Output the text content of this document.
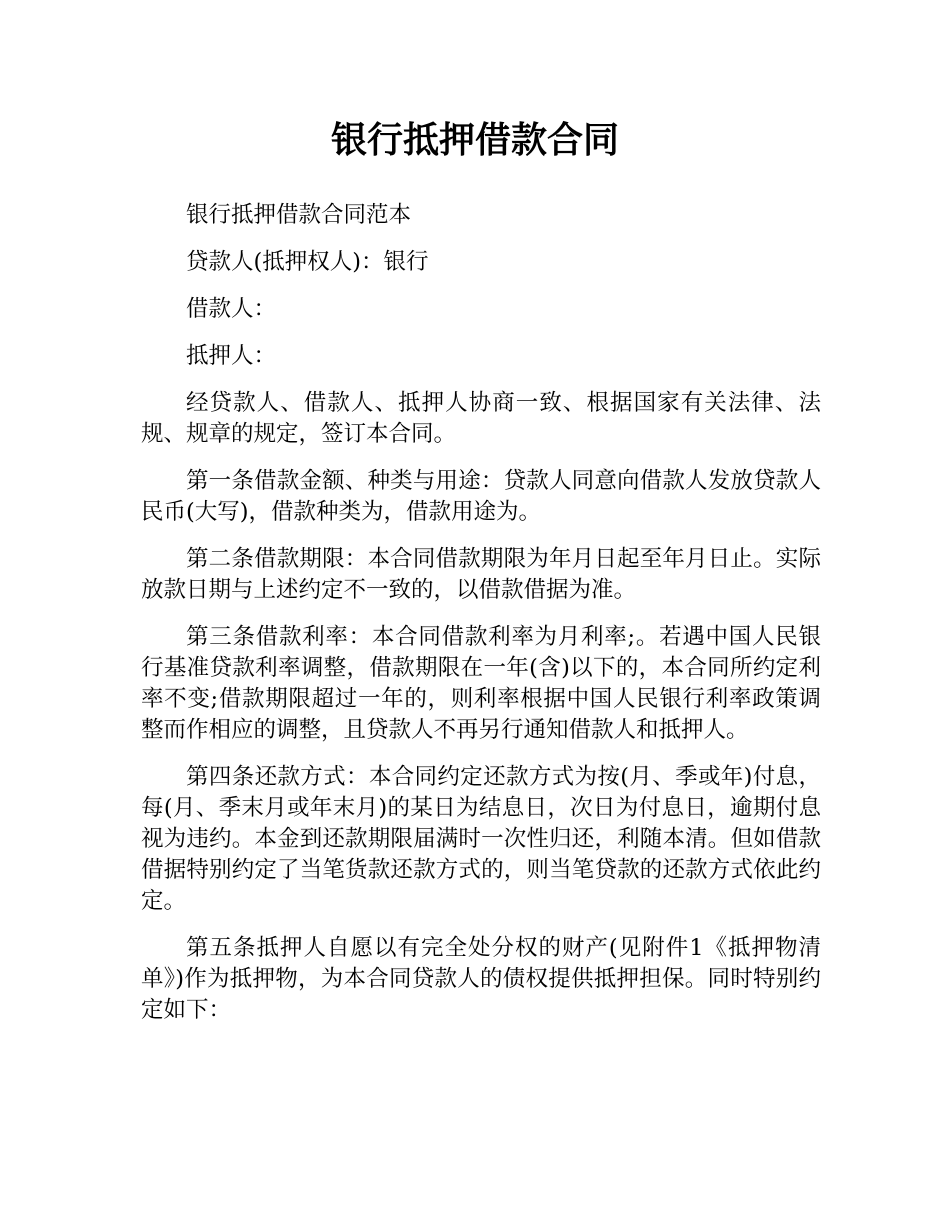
银行抵押借款合同

银行抵押借款合同范本

贷款人(抵押权人)：银行

借款人：

抵押人：

经贷款人、借款人、抵押人协商一致、根据国家有关法律、法规、规章的规定，签订本合同。

第一条借款金额、种类与用途：贷款人同意向借款人发放贷款人民币(大写)，借款种类为，借款用途为。

第二条借款期限：本合同借款期限为年月日起至年月日止。实际放款日期与上述约定不一致的，以借款借据为准。

第三条借款利率：本合同借款利率为月利率;。若遇中国人民银行基准贷款利率调整，借款期限在一年(含)以下的，本合同所约定利率不变;借款期限超过一年的，则利率根据中国人民银行利率政策调整而作相应的调整，且贷款人不再另行通知借款人和抵押人。

第四条还款方式：本合同约定还款方式为按(月、季或年)付息，每(月、季末月或年末月)的某日为结息日，次日为付息日，逾期付息视为违约。本金到还款期限届满时一次性归还，利随本清。但如借款借据特别约定了当笔货款还款方式的，则当笔贷款的还款方式依此约定。

第五条抵押人自愿以有完全处分权的财产(见附件1《抵押物清单》)作为抵押物，为本合同贷款人的债权提供抵押担保。同时特别约定如下：
